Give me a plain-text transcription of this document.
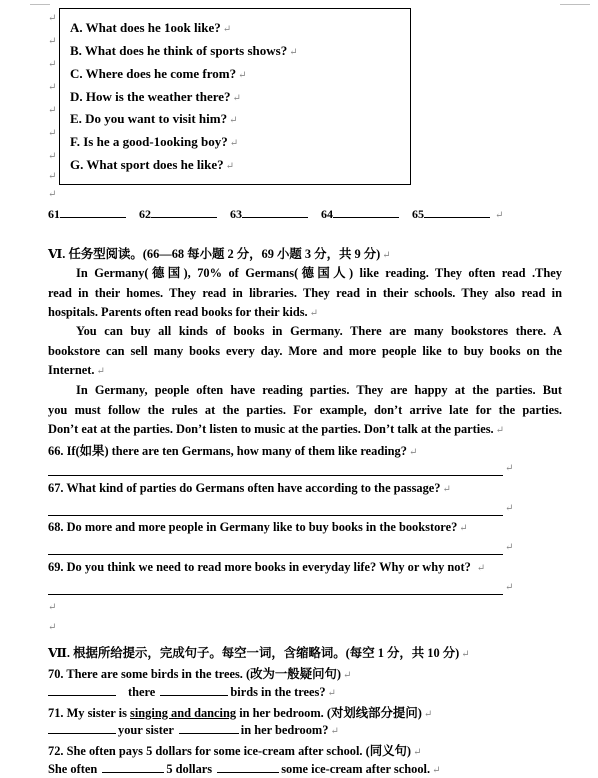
↵
↵
↵
↵
↵
↵
↵
↵
↵
A. What does he 1ook like? ↵
B. What does he think of sports shows? ↵
C. Where does he come from? ↵
D. How is the weather there? ↵
E. Do you want to visit him? ↵
F. Is he a good-1ooking boy? ↵
G. What sport does he like? ↵
61	62	63	64	65	↵
Ⅵ. 任务型阅读。(66—68 每小题 2 分，69 小题 3 分，共 9 分) ↵
In Germany(德国), 70% of Germans(德国人) like reading. They often read .They
read in their homes. They read in libraries. They read in their schools. They also read in
hospitals. Parents often read books for their kids. ↵
You can buy all kinds of books in Germany. There are many bookstores there. A
bookstore can sell many books every day. More and more people like to buy books on the
Internet. ↵
In Germany, people often have reading parties. They are happy at the parties. But
you must follow the rules at the parties. For example, don’t arrive late for the parties.
Don’t eat at the parties. Don’t listen to music at the parties. Don’t talk at the parties. ↵
66. If(如果) there are ten Germans, how many of them like reading? ↵
↵
67. What kind of parties do Germans often have according to the passage? ↵
↵
68. Do more and more people in Germany like to buy books in the bookstore? ↵
↵
69. Do you think we need to read more books in everyday life? Why or why not? ↵
↵
↵
↵
Ⅶ. 根据所给提示，完成句子。每空一词，含缩略词。(每空 1 分，共 10 分) ↵
70. There are some birds in the trees. (改为一般疑问句) ↵
there	birds in the trees? ↵
71. My sister is singing and dancing in her bedroom. (对划线部分提问) ↵
your sister	in her bedroom? ↵
72. She often pays 5 dollars for some ice-cream after school. (同义句) ↵
She often	5 dollars	some ice-cream after school. ↵
